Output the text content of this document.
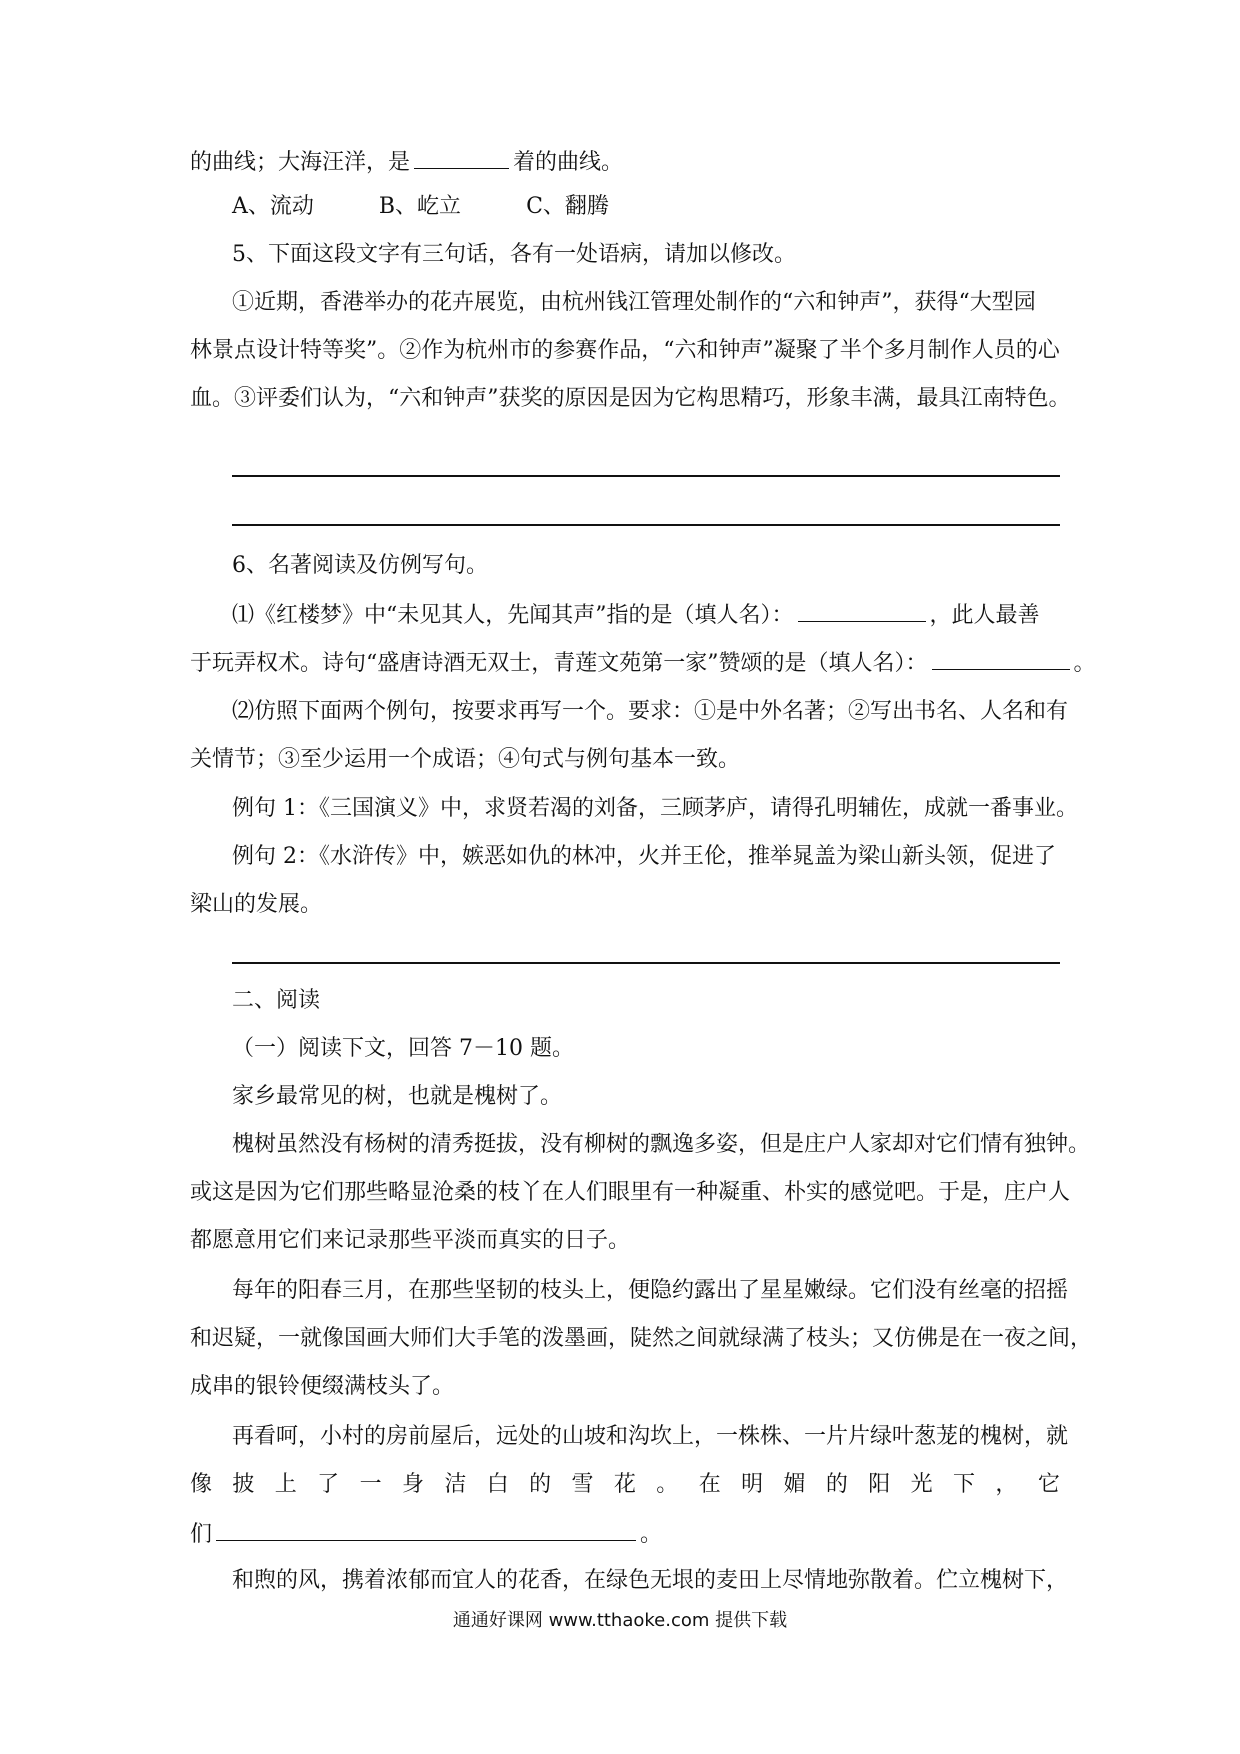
的曲线；大海汪洋，是	着的曲线。
A、流动	B、屹立	C、翻腾
5、下面这段文字有三句话，各有一处语病，请加以修改。
①近期，香港举办的花卉展览，由杭州钱江管理处制作的“六和钟声”，获得“大型园
林景点设计特等奖”。②作为杭州市的参赛作品，“六和钟声”凝聚了半个多月制作人员的心
血。③评委们认为，“六和钟声”获奖的原因是因为它构思精巧，形象丰满，最具江南特色。
6、名著阅读及仿例写句。
⑴《红楼梦》中“未见其人，先闻其声”指的是（填人名）：	，此人最善
于玩弄权术。诗句“盛唐诗酒无双士，青莲文苑第一家”赞颂的是（填人名）：	。
⑵仿照下面两个例句，按要求再写一个。要求：①是中外名著；②写出书名、人名和有
关情节；③至少运用一个成语；④句式与例句基本一致。
例句 1：《三国演义》中，求贤若渴的刘备，三顾茅庐，请得孔明辅佐，成就一番事业。
例句 2：《水浒传》中，嫉恶如仇的林冲，火并王伦，推举晁盖为梁山新头领，促进了
梁山的发展。
二、阅读
（一）阅读下文，回答 7－10 题。
家乡最常见的树，也就是槐树了。
槐树虽然没有杨树的清秀挺拔，没有柳树的飘逸多姿，但是庄户人家却对它们情有独钟。
或这是因为它们那些略显沧桑的枝丫在人们眼里有一种凝重、朴实的感觉吧。于是，庄户人
都愿意用它们来记录那些平淡而真实的日子。
每年的阳春三月，在那些坚韧的枝头上，便隐约露出了星星嫩绿。它们没有丝毫的招摇
和迟疑，一就像国画大师们大手笔的泼墨画，陡然之间就绿满了枝头；又仿佛是在一夜之间，
成串的银铃便缀满枝头了。
再看呵，小村的房前屋后，远处的山坡和沟坎上，一株株、一片片绿叶葱茏的槐树，就
像 披 上 了 一 身 洁 白 的 雪 花 。 在 明 媚 的 阳 光 下 ， 它
们	。
和煦的风，携着浓郁而宜人的花香，在绿色无垠的麦田上尽情地弥散着。伫立槐树下，
通通好课网 www.tthaoke.com 提供下载
